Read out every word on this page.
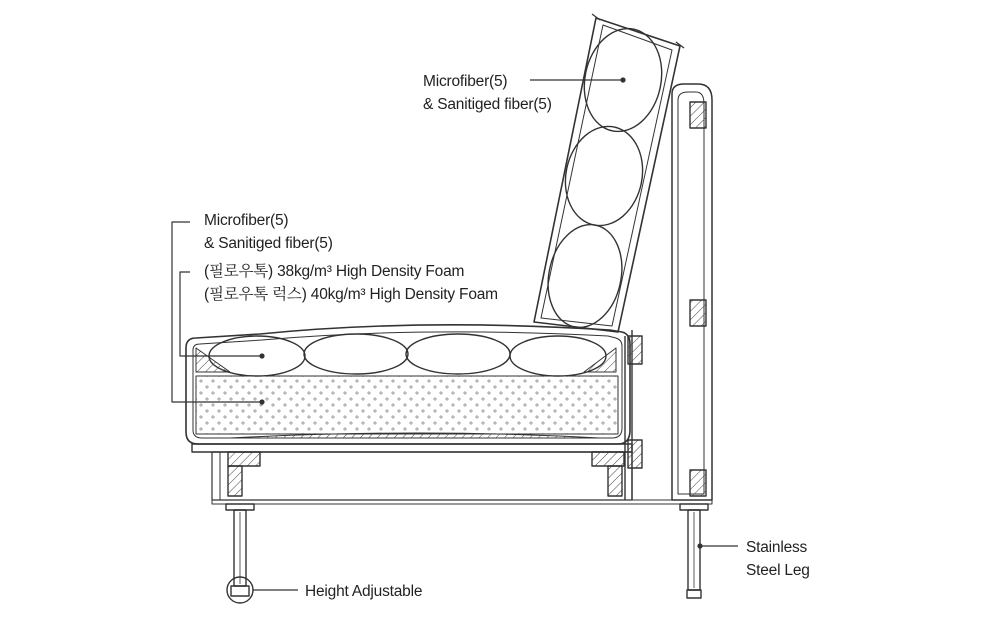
Microfiber(5)
& Sanitiged fiber(5)
Microfiber(5)
& Sanitiged fiber(5)
(필로우톡) 38kg/m³ High Density Foam
(필로우톡 럭스) 40kg/m³ High Density Foam
Stainless
Steel Leg
Height Adjustable
